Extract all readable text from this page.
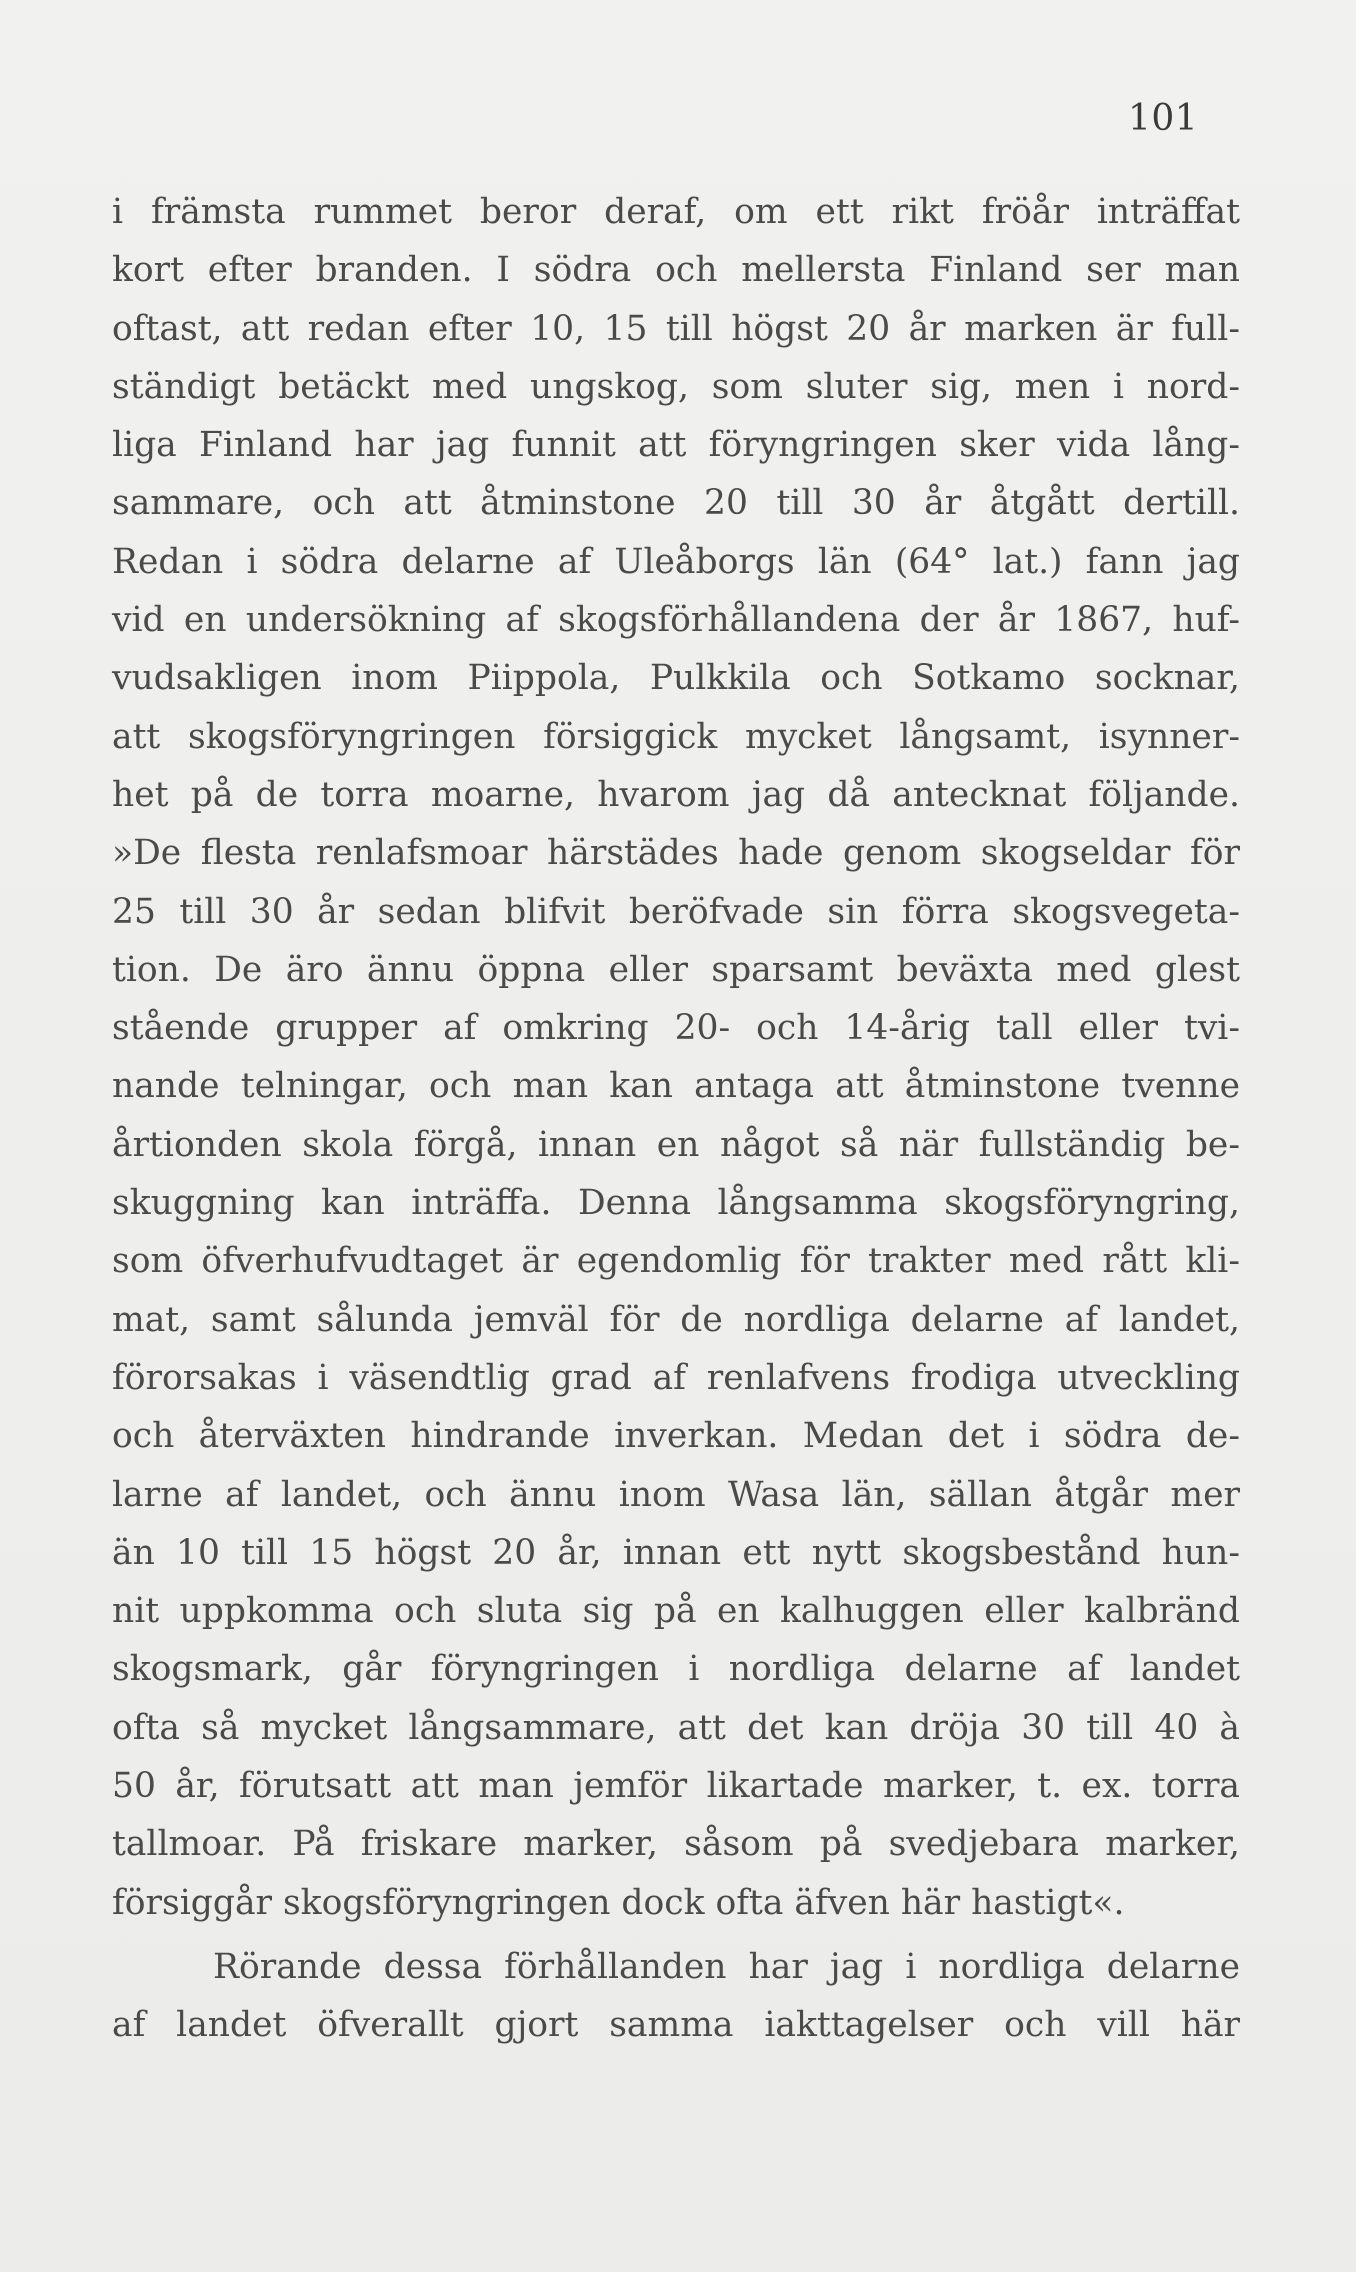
101
i främsta rummet beror deraf, om ett rikt fröår inträffat
kort efter branden. I södra och mellersta Finland ser man
oftast, att redan efter 10, 15 till högst 20 år marken är full-
ständigt betäckt med ungskog, som sluter sig, men i nord-
liga Finland har jag funnit att föryngringen sker vida lång-
sammare, och att åtminstone 20 till 30 år åtgått dertill.
Redan i södra delarne af Uleåborgs län (64° lat.) fann jag
vid en undersökning af skogsförhållandena der år 1867, huf-
vudsakligen inom Piippola, Pulkkila och Sotkamo socknar,
att skogsföryngringen försiggick mycket långsamt, isynner-
het på de torra moarne, hvarom jag då antecknat följande.
»De flesta renlafsmoar härstädes hade genom skogseldar för
25 till 30 år sedan blifvit beröfvade sin förra skogsvegeta-
tion. De äro ännu öppna eller sparsamt beväxta med glest
stående grupper af omkring 20- och 14-årig tall eller tvi-
nande telningar, och man kan antaga att åtminstone tvenne
årtionden skola förgå, innan en något så när fullständig be-
skuggning kan inträffa. Denna långsamma skogsföryngring,
som öfverhufvudtaget är egendomlig för trakter med rått kli-
mat, samt sålunda jemväl för de nordliga delarne af landet,
förorsakas i väsendtlig grad af renlafvens frodiga utveckling
och återväxten hindrande inverkan. Medan det i södra de-
larne af landet, och ännu inom Wasa län, sällan åtgår mer
än 10 till 15 högst 20 år, innan ett nytt skogsbestånd hun-
nit uppkomma och sluta sig på en kalhuggen eller kalbränd
skogsmark, går föryngringen i nordliga delarne af landet
ofta så mycket långsammare, att det kan dröja 30 till 40 à
50 år, förutsatt att man jemför likartade marker, t. ex. torra
tallmoar. På friskare marker, såsom på svedjebara marker,
försiggår skogsföryngringen dock ofta äfven här hastigt«.
Rörande dessa förhållanden har jag i nordliga delarne
af landet öfverallt gjort samma iakttagelser och vill här
